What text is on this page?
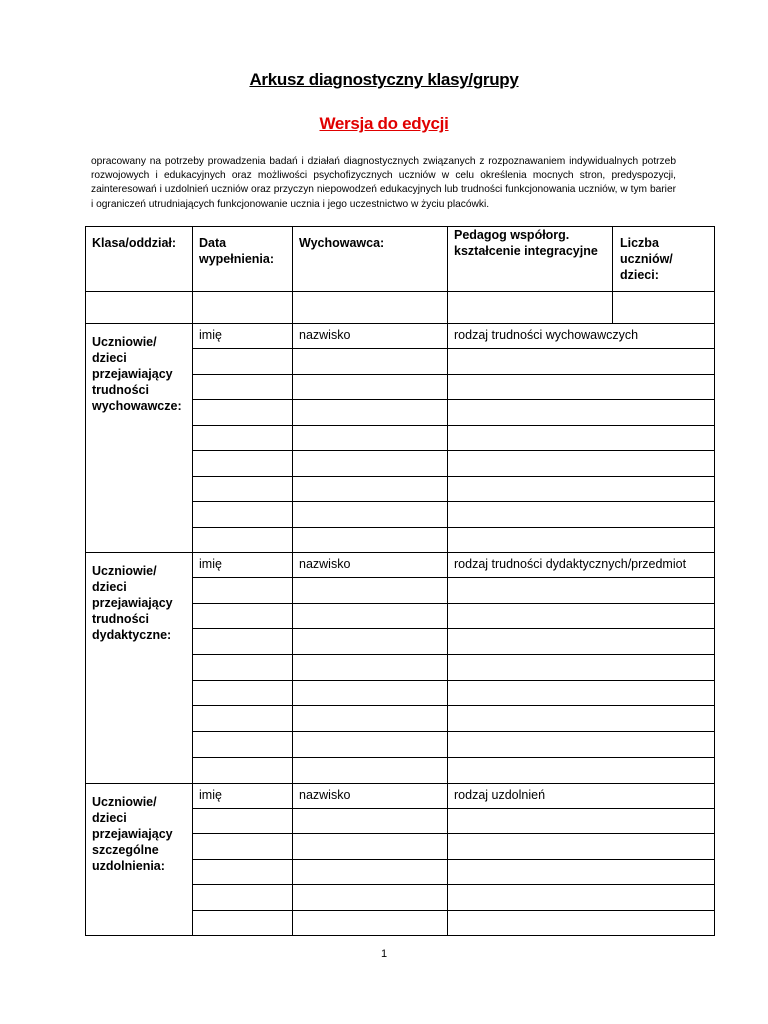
Arkusz diagnostyczny klasy/grupy
Wersja do edycji
opracowany na potrzeby prowadzenia badań i działań diagnostycznych związanych z rozpoznawaniem indywidualnych potrzeb rozwojowych i edukacyjnych oraz możliwości psychofizycznych uczniów w celu określenia mocnych stron, predyspozycji, zainteresowań i uzdolnień uczniów oraz przyczyn niepowodzeń edukacyjnych lub trudności funkcjonowania uczniów, w tym barier i ograniczeń utrudniających funkcjonowanie ucznia i jego uczestnictwo w życiu placówki.
Klasa/oddział:	Data wypełnienia:	Wychowawca:	Pedagog współorg. kształcenie integracyjne	Liczba uczniów/ dzieci:

Uczniowie/ dzieci przejawiający trudności wychowawcze:	imię	nazwisko	rodzaj trudności wychowawczych	

Uczniowie/ dzieci przejawiający trudności dydaktyczne:	imię	nazwisko	rodzaj trudności dydaktycznych/przedmiot	

Uczniowie/ dzieci przejawiający szczególne uzdolnienia:	imię	nazwisko	rodzaj uzdolnień	

1
